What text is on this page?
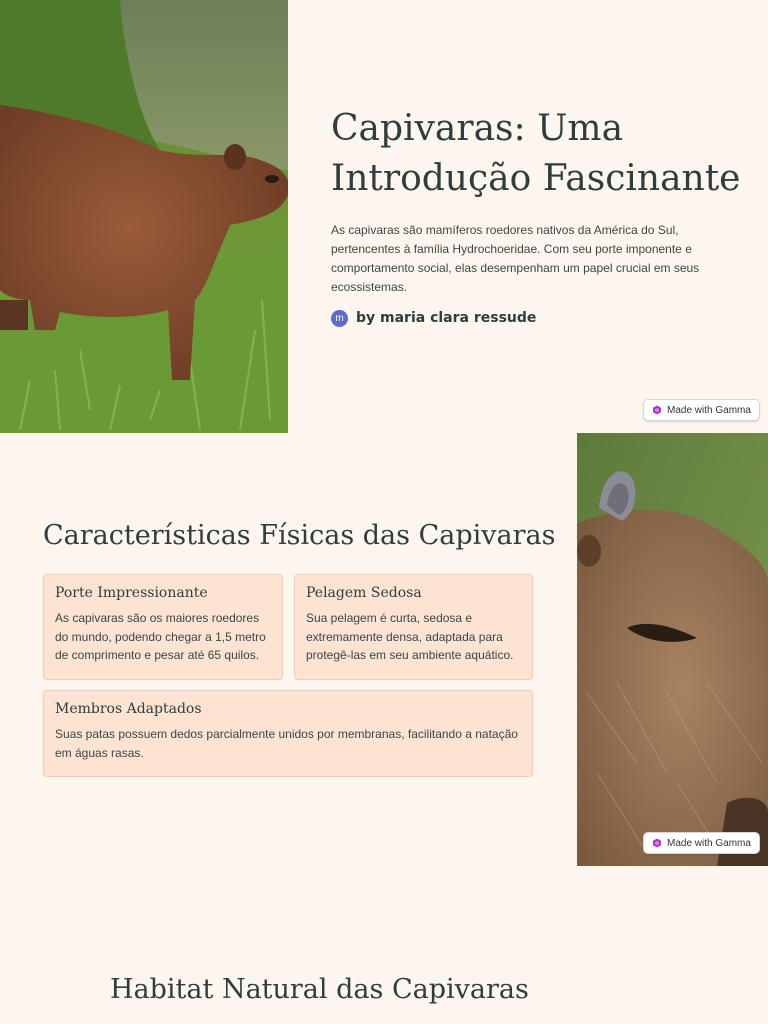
Capivaras: Uma Introdução Fascinante

As capivaras são mamíferos roedores nativos da América do Sul, pertencentes à família Hydrochoeridae. Com seu porte imponente e comportamento social, elas desempenham um papel crucial em seus ecossistemas.

m by maria clara ressude
Made with Gamma
Características Físicas das Capivaras
Porte Impressionante

As capivaras são os maiores roedores do mundo, podendo chegar a 1,5 metro de comprimento e pesar até 65 quilos.

Pelagem Sedosa

Sua pelagem é curta, sedosa e extremamente densa, adaptada para protegê-las em seu ambiente aquático.

Membros Adaptados

Suas patas possuem dedos parcialmente unidos por membranas, facilitando a natação em águas rasas.

Made with Gamma
Habitat Natural das Capivaras
